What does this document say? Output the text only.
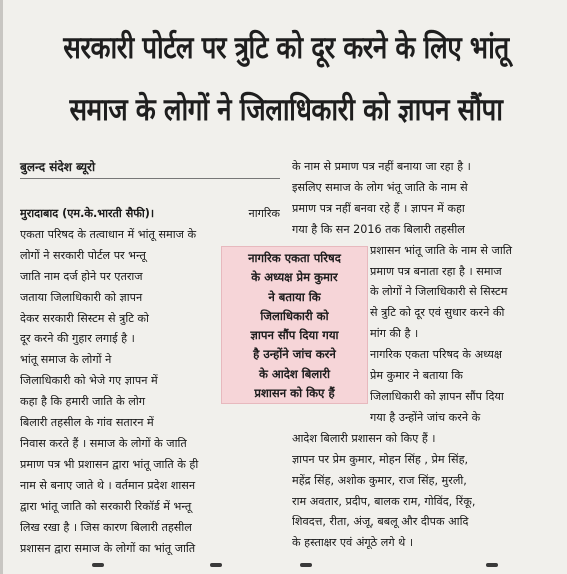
सरकारी पोर्टल पर त्रुटि को दूर करने के लिए भांतू
समाज के लोगों ने जिलाधिकारी को ज्ञापन सौंपा
बुलन्द संदेश ब्यूरो

मुरादाबाद (एम.के.भारती सैफी)।	नागरिक
एकता परिषद के तत्वाधान में भांतू समाज के
लोगों ने सरकारी पोर्टल पर भन्तू
जाति नाम दर्ज होने पर एतराज
जताया जिलाधिकारी को ज्ञापन
देकर सरकारी सिस्टम से त्रुटि को
दूर करने की गुहार लगाई है ।

भांतू समाज के लोगों ने
जिलाधिकारी को भेजे गए ज्ञापन में
कहा है कि हमारी जाति के लोग
बिलारी तहसील के गांव सतारन में
निवास करते हैं । समाज के लोगों के जाति
प्रमाण पत्र भी प्रशासन द्वारा भांतू जाति के ही
नाम से बनाए जाते थे । वर्तमान प्रदेश शासन
द्वारा भांतू जाति को सरकारी रिकॉर्ड में भन्तू
लिख रखा है । जिस कारण बिलारी तहसील
प्रशासन द्वारा समाज के लोगों का भांतू जाति

के नाम से प्रमाण पत्र नहीं बनाया जा रहा है ।
इसलिए समाज के लोग भंतू जाति के नाम से
प्रमाण पत्र नहीं बनवा रहे हैं । ज्ञापन में कहा
गया है कि सन 2016 तक बिलारी तहसील
प्रशासन भांतू जाति के नाम से जाति
प्रमाण पत्र बनाता रहा है । समाज
के लोगों ने जिलाधिकारी से सिस्टम
से त्रुटि को दूर एवं सुधार करने की
मांग की है ।

नागरिक एकता परिषद के अध्यक्ष
प्रेम कुमार ने बताया कि
जिलाधिकारी को ज्ञापन सौंप दिया
गया है उन्होंने जांच करने के
आदेश बिलारी प्रशासन को किए हैं ।

ज्ञापन पर प्रेम कुमार, मोहन सिंह , प्रेम सिंह,
महेंद्र सिंह, अशोक कुमार, राज सिंह, मुरली,
राम अवतार, प्रदीप, बालक राम, गोविंद, रिंकू,
शिवदत्त, रीता, अंजू, बबलू और दीपक आदि
के हस्ताक्षर एवं अंगूठे लगे थे ।

नागरिक एकता परिषद
के अध्यक्ष प्रेम कुमार
ने बताया कि
जिलाधिकारी को
ज्ञापन सौंप दिया गया
है उन्होंने जांच करने
के आदेश बिलारी
प्रशासन को किए हैं
